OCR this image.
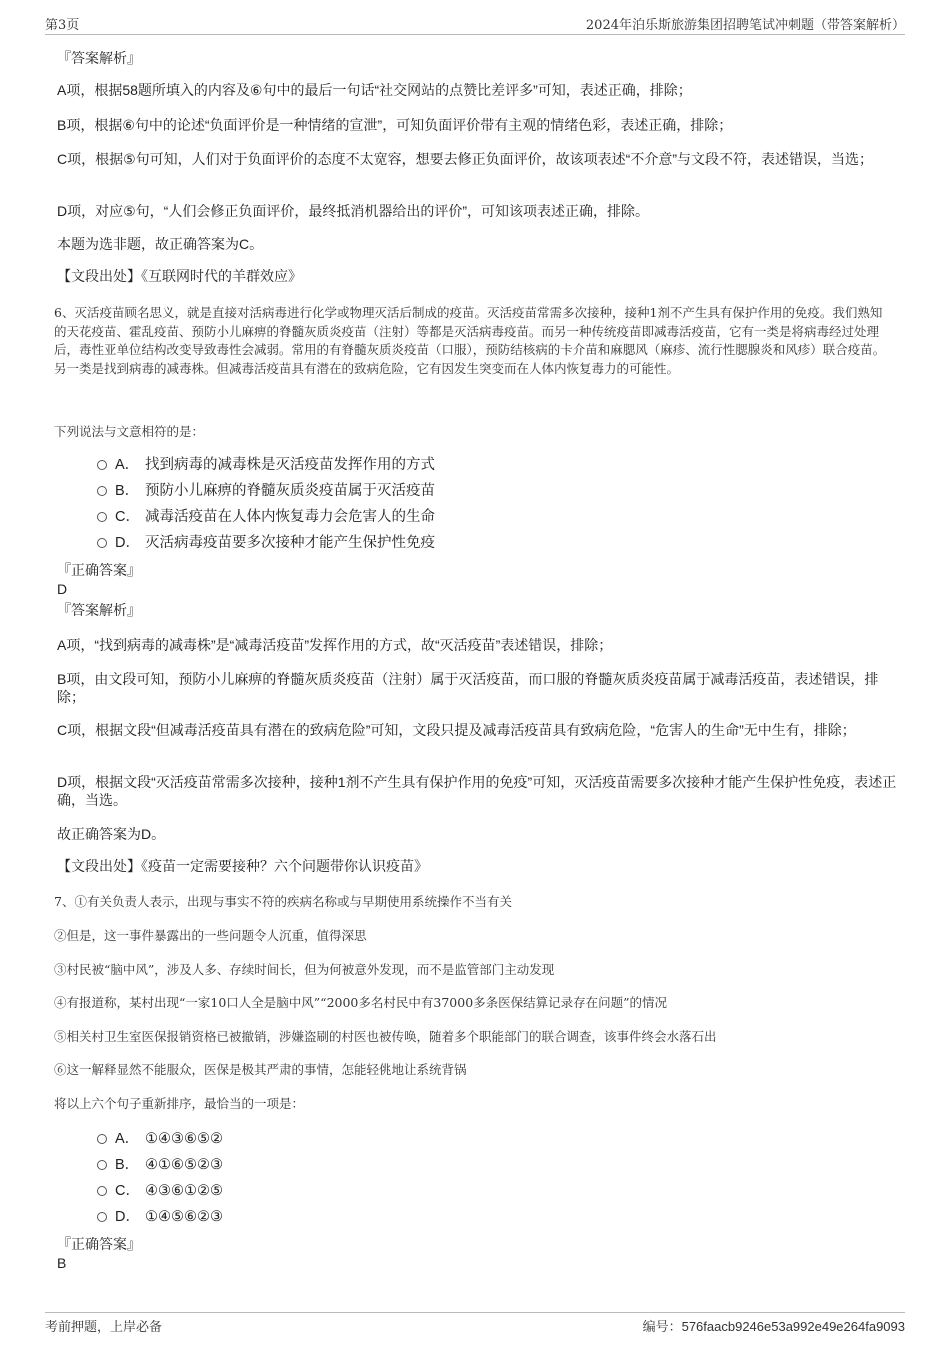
第3页	2024年泊乐斯旅游集团招聘笔试冲刺题（带答案解析）
『答案解析』
A项，根据58题所填入的内容及⑥句中的最后一句话“社交网站的点赞比差评多”可知，表述正确，排除；
B项，根据⑥句中的论述“负面评价是一种情绪的宣泄”，可知负面评价带有主观的情绪色彩，表述正确，排除；
C项，根据⑤句可知，人们对于负面评价的态度不太宽容，想要去修正负面评价，故该项表述“不介意”与文段不符，表述错误，当选；
D项，对应⑤句，“人们会修正负面评价，最终抵消机器给出的评价”，可知该项表述正确，排除。
本题为选非题，故正确答案为C。
【文段出处】《互联网时代的羊群效应》
6、灭活疫苗顾名思义，就是直接对活病毒进行化学或物理灭活后制成的疫苗。灭活疫苗常需多次接种，接种1剂不产生具有保护作用的免疫。我们熟知的天花疫苗、霍乱疫苗、预防小儿麻痹的脊髓灰质炎疫苗（注射）等都是灭活病毒疫苗。而另一种传统疫苗即减毒活疫苗，它有一类是将病毒经过处理后，毒性亚单位结构改变导致毒性会减弱。常用的有脊髓灰质炎疫苗（口服），预防结核病的卡介苗和麻腮风（麻疹、流行性腮腺炎和风疹）联合疫苗。另一类是找到病毒的减毒株。但减毒活疫苗具有潜在的致病危险，它有因发生突变而在人体内恢复毒力的可能性。
下列说法与文意相符的是：
A． 找到病毒的减毒株是灭活疫苗发挥作用的方式
B． 预防小儿麻痹的脊髓灰质炎疫苗属于灭活疫苗
C． 减毒活疫苗在人体内恢复毒力会危害人的生命
D． 灭活病毒疫苗要多次接种才能产生保护性免疫
『正确答案』
D
『答案解析』
A项，“找到病毒的减毒株”是“减毒活疫苗”发挥作用的方式，故“灭活疫苗”表述错误，排除；
B项，由文段可知，预防小儿麻痹的脊髓灰质炎疫苗（注射）属于灭活疫苗，而口服的脊髓灰质炎疫苗属于减毒活疫苗，表述错误，排除；
C项，根据文段“但减毒活疫苗具有潜在的致病危险”可知，文段只提及减毒活疫苗具有致病危险，“危害人的生命”无中生有，排除；
D项，根据文段“灭活疫苗常需多次接种，接种1剂不产生具有保护作用的免疫”可知，灭活疫苗需要多次接种才能产生保护性免疫，表述正确，当选。
故正确答案为D。
【文段出处】《疫苗一定需要接种？六个问题带你认识疫苗》
7、①有关负责人表示，出现与事实不符的疾病名称或与早期使用系统操作不当有关
②但是，这一事件暴露出的一些问题令人沉重，值得深思
③村民被“脑中风”，涉及人多、存续时间长，但为何被意外发现，而不是监管部门主动发现
④有报道称，某村出现“一家10口人全是脑中风”“2000多名村民中有37000多条医保结算记录存在问题”的情况
⑤相关村卫生室医保报销资格已被撤销，涉嫌盗刷的村医也被传唤，随着多个职能部门的联合调查，该事件终会水落石出
⑥这一解释显然不能服众，医保是极其严肃的事情，怎能轻佻地让系统背锅
将以上六个句子重新排序，最恰当的一项是：
A． ①④③⑥⑤②
B． ④①⑥⑤②③
C． ④③⑥①②⑤
D． ①④⑤⑥②③
『正确答案』
B
考前押题，上岸必备	编号：576faacb9246e53a992e49e264fa9093
